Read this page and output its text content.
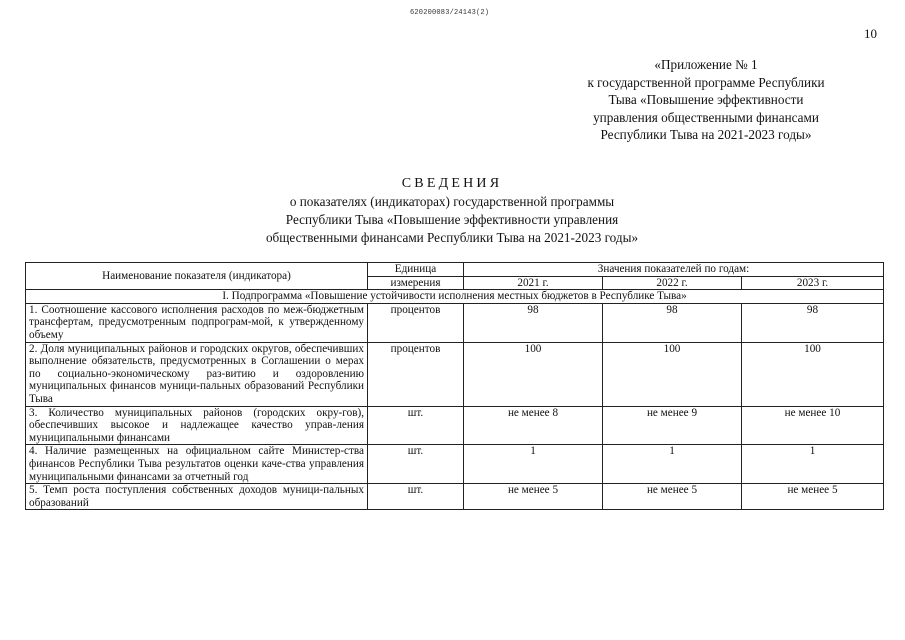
620200083/24143(2)
10
«Приложение № 1
к государственной программе Республики
Тыва «Повышение эффективности
управления общественными финансами
Республики Тыва на 2021-2023 годы»
СВЕДЕНИЯ
о показателях (индикаторах) государственной программы
Республики Тыва «Повышение эффективности управления
общественными финансами Республики Тыва на 2021-2023 годы»
Наименование показателя (индикатора)	Единица	Значения показателей по годам:		
	измерения	2021 г.	2022 г.	2023 г.
I. Подпрограмма «Повышение устойчивости исполнения местных бюджетов в Республике Тыва»				
1. Соотношение кассового исполнения расходов по меж-бюджетным трансфертам, предусмотренным подпрограм-мой, к утвержденному объему	процентов	98	98	98
2. Доля муниципальных районов и городских округов, обеспечивших выполнение обязательств, предусмотренных в Соглашении о мерах по социально-экономическому раз-витию и оздоровлению муниципальных финансов муници-пальных образований Республики Тыва	процентов	100	100	100
3. Количество муниципальных районов (городских окру-гов), обеспечивших высокое и надлежащее качество управ-ления муниципальными финансами	шт.	не менее 8	не менее 9	не менее 10
4. Наличие размещенных на официальном сайте Министер-ства финансов Республики Тыва результатов оценки каче-ства управления муниципальными финансами за отчетный год	шт.	1	1	1
5. Темп роста поступления собственных доходов муници-пальных образований	шт.	не менее 5	не менее 5	не менее 5
